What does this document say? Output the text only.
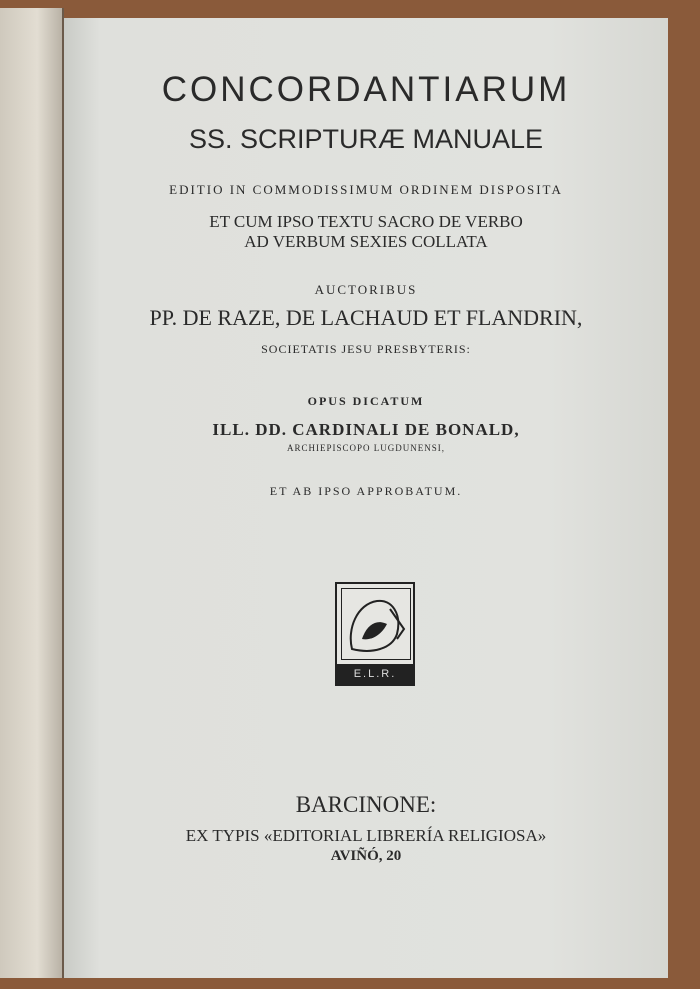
CONCORDANTIARUM
SS. SCRIPTURÆ MANUALE
EDITIO IN COMMODISSIMUM ORDINEM DISPOSITA
ET CUM IPSO TEXTU SACRO DE VERBO
AD VERBUM SEXIES COLLATA
AUCTORIBUS
PP. DE RAZE, DE LACHAUD ET FLANDRIN,
SOCIETATIS JESU PRESBYTERIS:
OPUS DICATUM
ILL. DD. CARDINALI DE BONALD,
ARCHIEPISCOPO LUGDUNENSI,
ET AB IPSO APPROBATUM.
E.L.R.
BARCINONE:
EX TYPIS «EDITORIAL LIBRERÍA RELIGIOSA»
AVIÑÓ, 20
